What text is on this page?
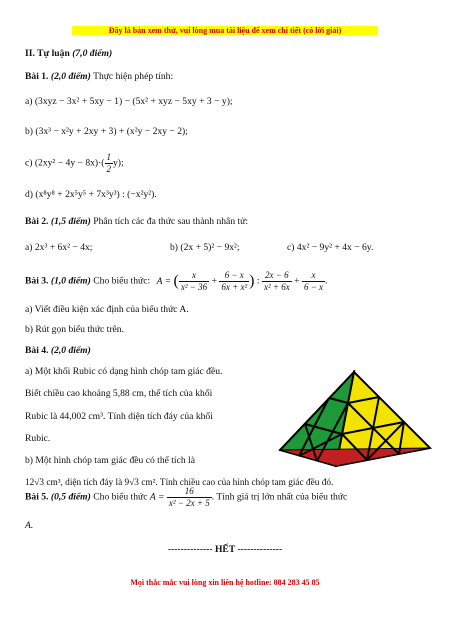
Đây là bản xem thử, vui lòng mua tài liệu để xem chi tiết (có lời giải)
II. Tự luận (7,0 điểm)
Bài 1. (2,0 điểm) Thực hiện phép tính:
a) (3xyz − 3x² + 5xy − 1) − (5x² + xyz − 5xy + 3 − y);
b) (3x³ − x²y + 2xy + 3) + (x²y − 2xy − 2);
c) $(2xy^2 - 4y - 8x)\cdot( \frac{1}{2} y)$;
d) (x⁸y⁸ + 2x⁵y⁵ + 7x³y³) : (−x²y²).
Bài 2. (1,5 điểm) Phân tích các đa thức sau thành nhân tử:
a) 2x³ + 6x² − 4x;	b) (2x + 5)² − 9x²;	c) 4x² − 9y² + 4x − 6y.
Bài 3. (1,0 điểm) Cho biểu thức: A = ( $\frac{x}{\text{x² − 36}} + \frac{6 - x}{\text{6x + x²}}$ ) : $\frac{2x - 6}{\text{x² + 6x}} + \frac{x}{6 - x}$ .
a) Viết điều kiện xác định của biểu thức A.
b) Rút gọn biểu thức trên.
Bài 4. (2,0 điểm)
a) Một khối Rubic có dạng hình chóp tam giác đều.
Biết chiều cao khoảng 5,88 cm, thể tích của khối
Rubic là 44,002 cm³. Tính diện tích đáy của khối
Rubic.
b) Một hình chóp tam giác đều có thể tích là
12√3 cm³, diện tích đáy là 9√3 cm². Tính chiều cao của hình chóp tam giác đều đó.
Bài 5. (0,5 điểm) Cho biểu thức $A = \frac{16}{\text{x² − 2x + 5}}$ . Tính giá trị lớn nhất của biểu thức
A.
-------------- HẾT --------------
Mọi thắc mắc vui lòng xin liên hệ hotline: 084 283 45 85
